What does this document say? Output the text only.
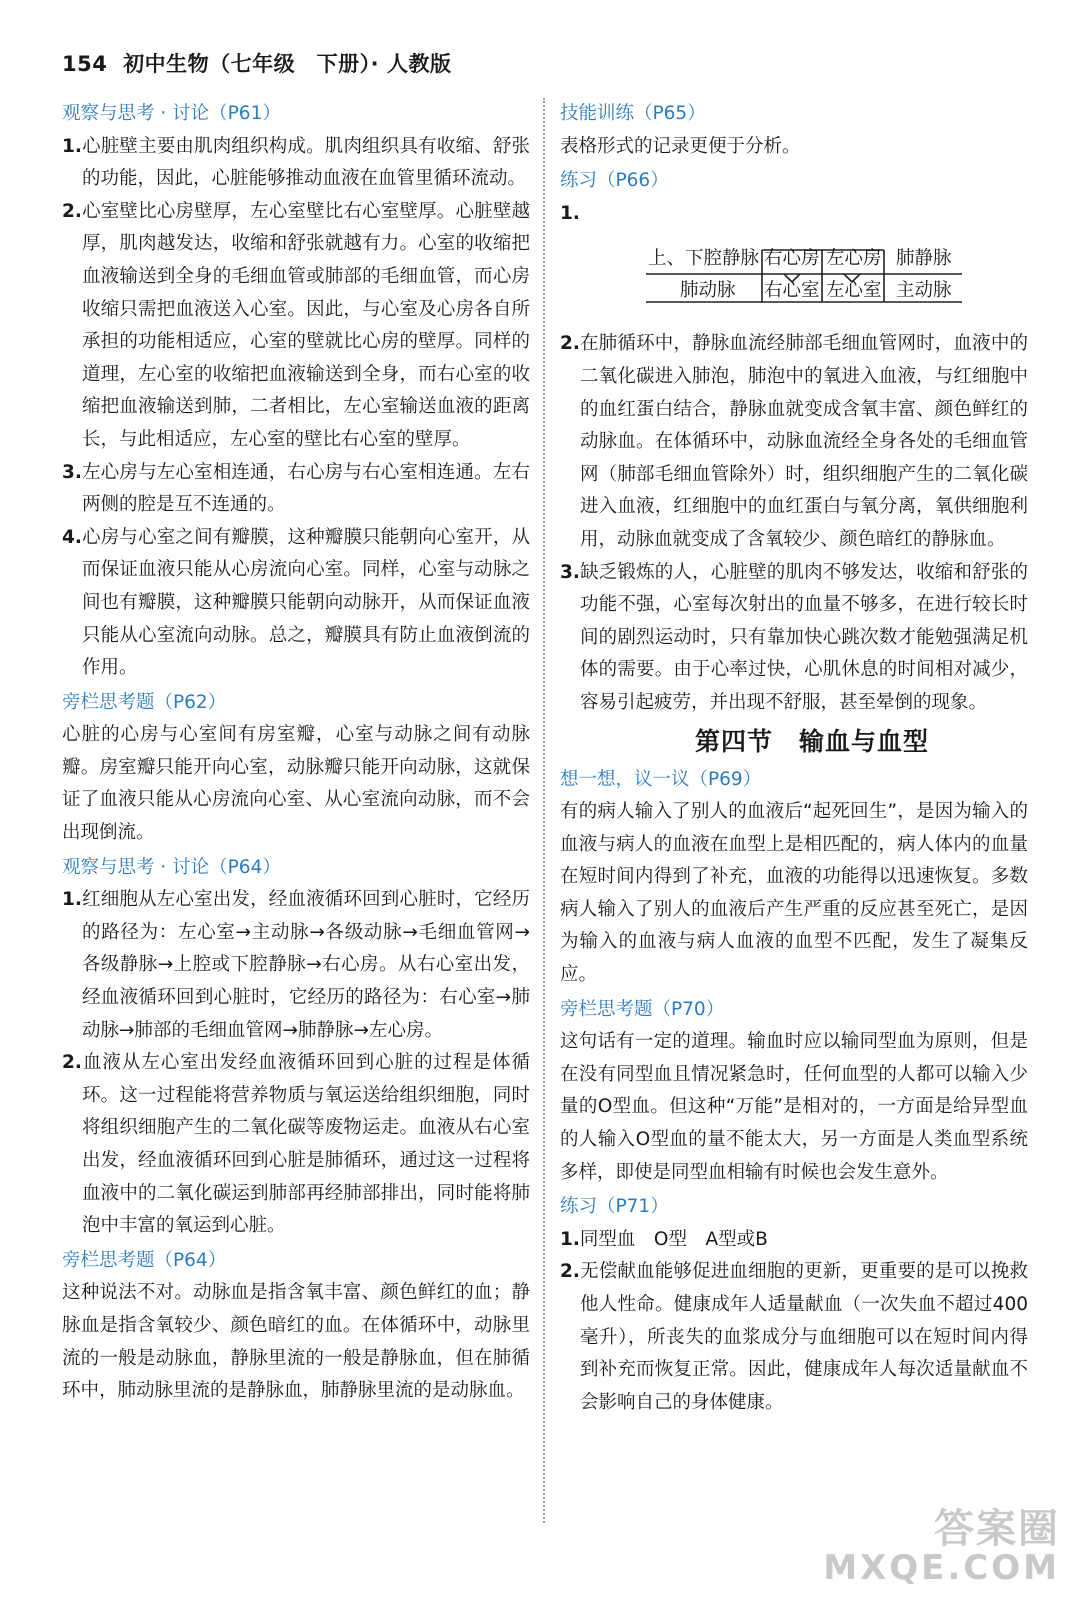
154 初中生物（七年级　下册）· 人教版
观察与思考 · 讨论（P61）
1.心脏壁主要由肌肉组织构成。肌肉组织具有收缩、舒张的功能，因此，心脏能够推动血液在血管里循环流动。
2.心室壁比心房壁厚，左心室壁比右心室壁厚。心脏壁越厚，肌肉越发达，收缩和舒张就越有力。心室的收缩把血液输送到全身的毛细血管或肺部的毛细血管，而心房收缩只需把血液送入心室。因此，与心室及心房各自所承担的功能相适应，心室的壁就比心房的壁厚。同样的道理，左心室的收缩把血液输送到全身，而右心室的收缩把血液输送到肺，二者相比，左心室输送血液的距离长，与此相适应，左心室的壁比右心室的壁厚。
3.左心房与左心室相连通，右心房与右心室相连通。左右两侧的腔是互不连通的。
4.心房与心室之间有瓣膜，这种瓣膜只能朝向心室开，从而保证血液只能从心房流向心室。同样，心室与动脉之间也有瓣膜，这种瓣膜只能朝向动脉开，从而保证血液只能从心室流向动脉。总之，瓣膜具有防止血液倒流的作用。
旁栏思考题（P62）
心脏的心房与心室间有房室瓣，心室与动脉之间有动脉瓣。房室瓣只能开向心室，动脉瓣只能开向动脉，这就保证了血液只能从心房流向心室、从心室流向动脉，而不会出现倒流。
观察与思考 · 讨论（P64）
1.红细胞从左心室出发，经血液循环回到心脏时，它经历的路径为：左心室→主动脉→各级动脉→毛细血管网→各级静脉→上腔或下腔静脉→右心房。从右心室出发，经血液循环回到心脏时，它经历的路径为：右心室→肺动脉→肺部的毛细血管网→肺静脉→左心房。
2.血液从左心室出发经血液循环回到心脏的过程是体循环。这一过程能将营养物质与氧运送给组织细胞，同时将组织细胞产生的二氧化碳等废物运走。血液从右心室出发，经血液循环回到心脏是肺循环，通过这一过程将血液中的二氧化碳运到肺部再经肺部排出，同时能将肺泡中丰富的氧运到心脏。
旁栏思考题（P64）
这种说法不对。动脉血是指含氧丰富、颜色鲜红的血；静脉血是指含氧较少、颜色暗红的血。在体循环中，动脉里流的一般是动脉血，静脉里流的一般是静脉血，但在肺循环中，肺动脉里流的是静脉血，肺静脉里流的是动脉血。
技能训练（P65）
表格形式的记录更便于分析。
练习（P66）
1.
上、下腔静脉 右心房 左心房 肺静脉
肺动脉 右心室 左心室 主动脉
2.在肺循环中，静脉血流经肺部毛细血管网时，血液中的二氧化碳进入肺泡，肺泡中的氧进入血液，与红细胞中的血红蛋白结合，静脉血就变成含氧丰富、颜色鲜红的动脉血。在体循环中，动脉血流经全身各处的毛细血管网（肺部毛细血管除外）时，组织细胞产生的二氧化碳进入血液，红细胞中的血红蛋白与氧分离，氧供细胞利用，动脉血就变成了含氧较少、颜色暗红的静脉血。
3.缺乏锻炼的人，心脏壁的肌肉不够发达，收缩和舒张的功能不强，心室每次射出的血量不够多，在进行较长时间的剧烈运动时，只有靠加快心跳次数才能勉强满足机体的需要。由于心率过快，心肌休息的时间相对减少，容易引起疲劳，并出现不舒服，甚至晕倒的现象。
第四节　输血与血型
想一想，议一议（P69）
有的病人输入了别人的血液后“起死回生”，是因为输入的血液与病人的血液在血型上是相匹配的，病人体内的血量在短时间内得到了补充，血液的功能得以迅速恢复。多数病人输入了别人的血液后产生严重的反应甚至死亡，是因为输入的血液与病人血液的血型不匹配，发生了凝集反应。
旁栏思考题（P70）
这句话有一定的道理。输血时应以输同型血为原则，但是在没有同型血且情况紧急时，任何血型的人都可以输入少量的O型血。但这种“万能”是相对的，一方面是给异型血的人输入O型血的量不能太大，另一方面是人类血型系统多样，即使是同型血相输有时候也会发生意外。
练习（P71）
1.同型血　O型　A型或B
2.无偿献血能够促进血细胞的更新，更重要的是可以挽救他人性命。健康成年人适量献血（一次失血不超过400毫升），所丧失的血浆成分与血细胞可以在短时间内得到补充而恢复正常。因此，健康成年人每次适量献血不会影响自己的身体健康。
答案圈
MXQE.COM
